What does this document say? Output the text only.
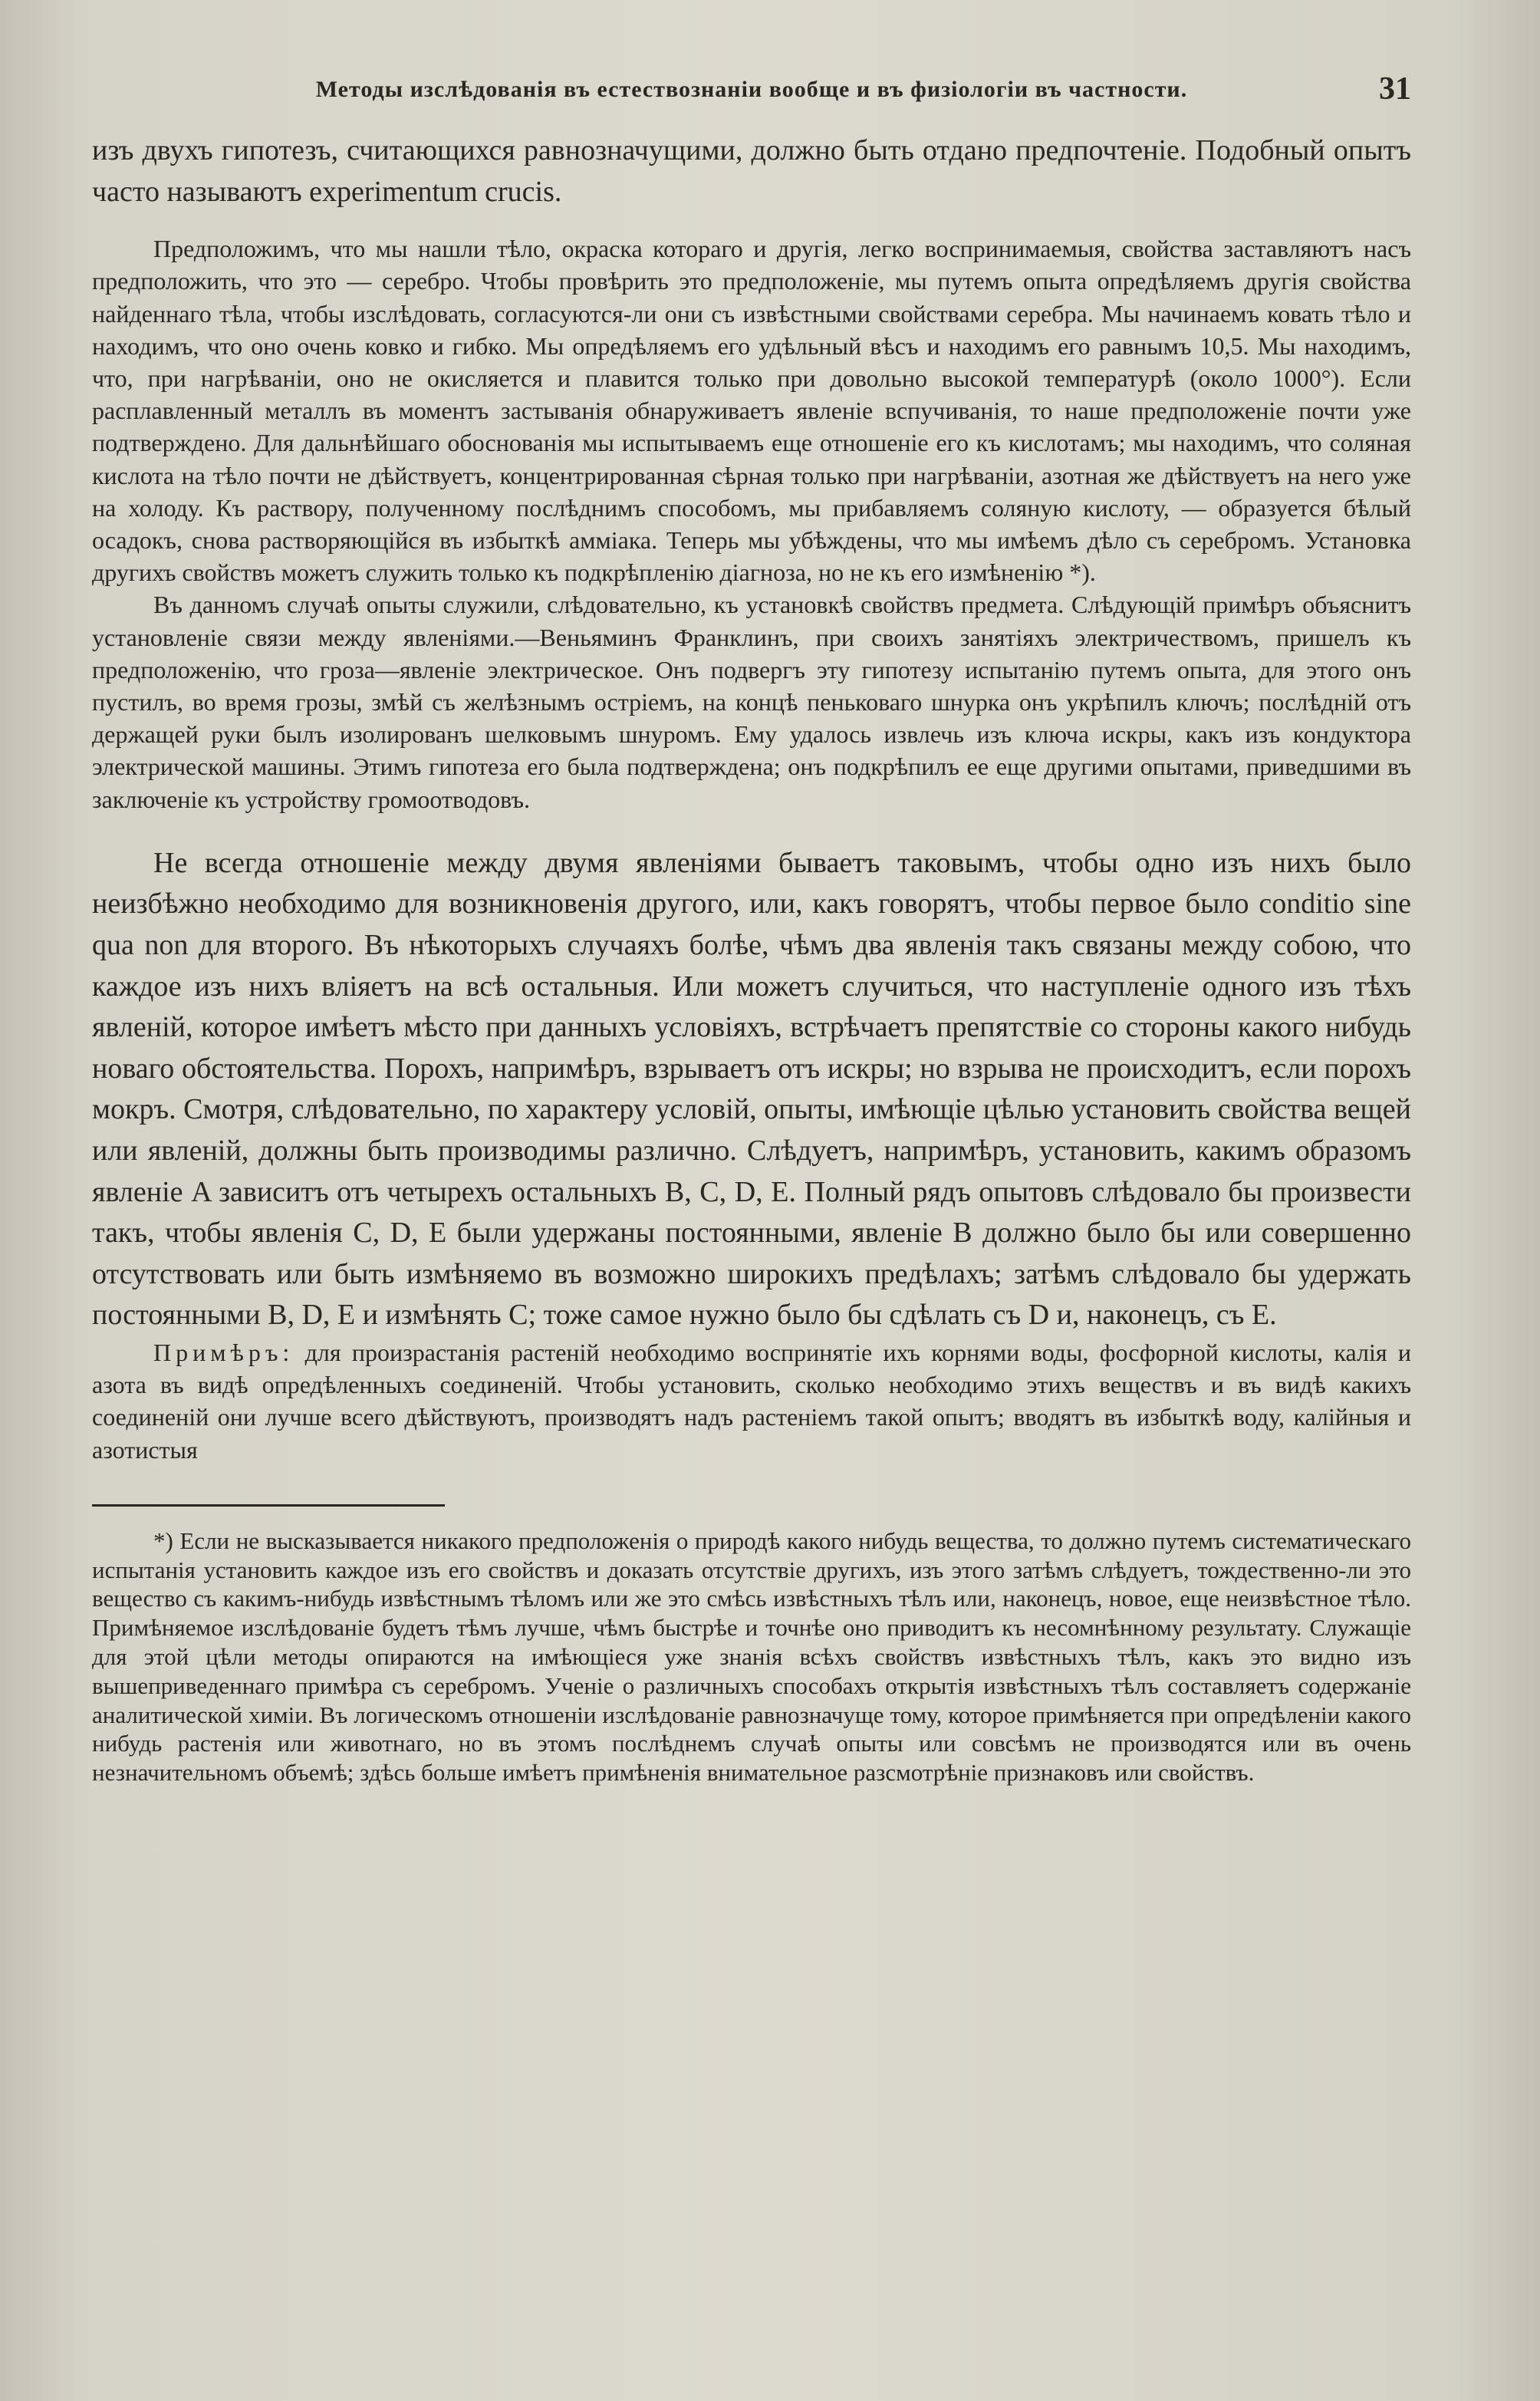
Методы изслѣдованія въ естествознаніи вообще и въ физіологіи въ частности.	31

изъ двухъ гипотезъ, считающихся равнозначущими, должно быть отдано предпочтеніе. Подобный опытъ часто называютъ experimentum crucis.

Предположимъ, что мы нашли тѣло, окраска котораго и другія, легко воспринимаемыя, свойства заставляютъ насъ предположить, что это — серебро. Чтобы провѣрить это предположеніе, мы путемъ опыта опредѣляемъ другія свойства найденнаго тѣла, чтобы изслѣдовать, согласуются-ли они съ извѣстными свойствами серебра. Мы начинаемъ ковать тѣло и находимъ, что оно очень ковко и гибко. Мы опредѣляемъ его удѣльный вѣсъ и находимъ его равнымъ 10,5. Мы находимъ, что, при нагрѣваніи, оно не окисляется и плавится только при довольно высокой температурѣ (около 1000°). Если расплавленный металлъ въ моментъ застыванія обнаруживаетъ явленіе вспучиванія, то наше предположеніе почти уже подтверждено. Для дальнѣйшаго обоснованія мы испытываемъ еще отношеніе его къ кислотамъ; мы находимъ, что соляная кислота на тѣло почти не дѣйствуетъ, концентрированная сѣрная только при нагрѣваніи, азотная же дѣйствуетъ на него уже на холоду. Къ раствору, полученному послѣднимъ способомъ, мы прибавляемъ соляную кислоту, — образуется бѣлый осадокъ, снова растворяющійся въ избыткѣ аммiака. Теперь мы убѣждены, что мы имѣемъ дѣло съ серебромъ. Установка другихъ свойствъ можетъ служить только къ подкрѣпленію діагноза, но не къ его измѣненію *).

Въ данномъ случаѣ опыты служили, слѣдовательно, къ установкѣ свойствъ предмета. Слѣдующій примѣръ объяснитъ установленіе связи между явленіями.—Веньяминъ Франклинъ, при своихъ занятіяхъ электричествомъ, пришелъ къ предположенію, что гроза—явленіе электрическое. Онъ подвергъ эту гипотезу испытанію путемъ опыта, для этого онъ пустилъ, во время грозы, змѣй съ желѣзнымъ остріемъ, на концѣ пеньковаго шнурка онъ укрѣпилъ ключъ; послѣдній отъ держащей руки былъ изолированъ шелковымъ шнуромъ. Ему удалось извлечь изъ ключа искры, какъ изъ кондуктора электрической машины. Этимъ гипотеза его была подтверждена; онъ подкрѣпилъ ее еще другими опытами, приведшими въ заключеніе къ устройству громоотводовъ.

Не всегда отношеніе между двумя явленіями бываетъ таковымъ, чтобы одно изъ нихъ было неизбѣжно необходимо для возникновенія другого, или, какъ говорятъ, чтобы первое было conditio sine qua non для второго. Въ нѣкоторыхъ случаяхъ болѣе, чѣмъ два явленія такъ связаны между собою, что каждое изъ нихъ вліяетъ на всѣ остальныя. Или можетъ случиться, что наступленіе одного изъ тѣхъ явленій, которое имѣетъ мѣсто при данныхъ условіяхъ, встрѣчаетъ препятствіе со стороны какого нибудь новаго обстоятельства. Порохъ, напримѣръ, взрываетъ отъ искры; но взрыва не происходитъ, если порохъ мокръ. Смотря, слѣдовательно, по характеру условій, опыты, имѣющіе цѣлью установить свойства вещей или явленій, должны быть производимы различно. Слѣдуетъ, напримѣръ, установить, какимъ образомъ явленіе A зависитъ отъ четырехъ остальныхъ B, C, D, E. Полный рядъ опытовъ слѣдовало бы произвести такъ, чтобы явленія C, D, E были удержаны постоянными, явленіе B должно было бы или совершенно отсутствовать или быть измѣняемо въ возможно широкихъ предѣлахъ; затѣмъ слѣдовало бы удержать постоянными B, D, E и измѣнять C; тоже самое нужно было бы сдѣлать съ D и, наконецъ, съ E.

Примѣръ: для произрастанія растеній необходимо воспринятіе ихъ корнями воды, фосфорной кислоты, калія и азота въ видѣ опредѣленныхъ соединеній. Чтобы установить, сколько необходимо этихъ веществъ и въ видѣ какихъ соединеній они лучше всего дѣйствуютъ, производятъ надъ растеніемъ такой опытъ; вводятъ въ избыткѣ воду, калійныя и азотистыя

*) Если не высказывается никакого предположенія о природѣ какого нибудь вещества, то должно путемъ систематическаго испытанія установить каждое изъ его свойствъ и доказать отсутствіе другихъ, изъ этого затѣмъ слѣдуетъ, тождественно-ли это вещество съ какимъ-нибудь извѣстнымъ тѣломъ или же это смѣсь извѣстныхъ тѣлъ или, наконецъ, новое, еще неизвѣстное тѣло. Примѣняемое изслѣдованіе будетъ тѣмъ лучше, чѣмъ быстрѣе и точнѣе оно приводитъ къ несомнѣнному результату. Служащіе для этой цѣли методы опираются на имѣющіеся уже знанія всѣхъ свойствъ извѣстныхъ тѣлъ, какъ это видно изъ вышеприведеннаго примѣра съ серебромъ. Ученіе о различныхъ способахъ открытія извѣстныхъ тѣлъ составляетъ содержаніе аналитической химіи. Въ логическомъ отношеніи изслѣдованіе равнозначуще тому, которое примѣняется при опредѣленіи какого нибудь растенія или животнаго, но въ этомъ послѣднемъ случаѣ опыты или совсѣмъ не производятся или въ очень незначительномъ объемѣ; здѣсь больше имѣетъ примѣненія внимательное разсмотрѣніе признаковъ или свойствъ.
